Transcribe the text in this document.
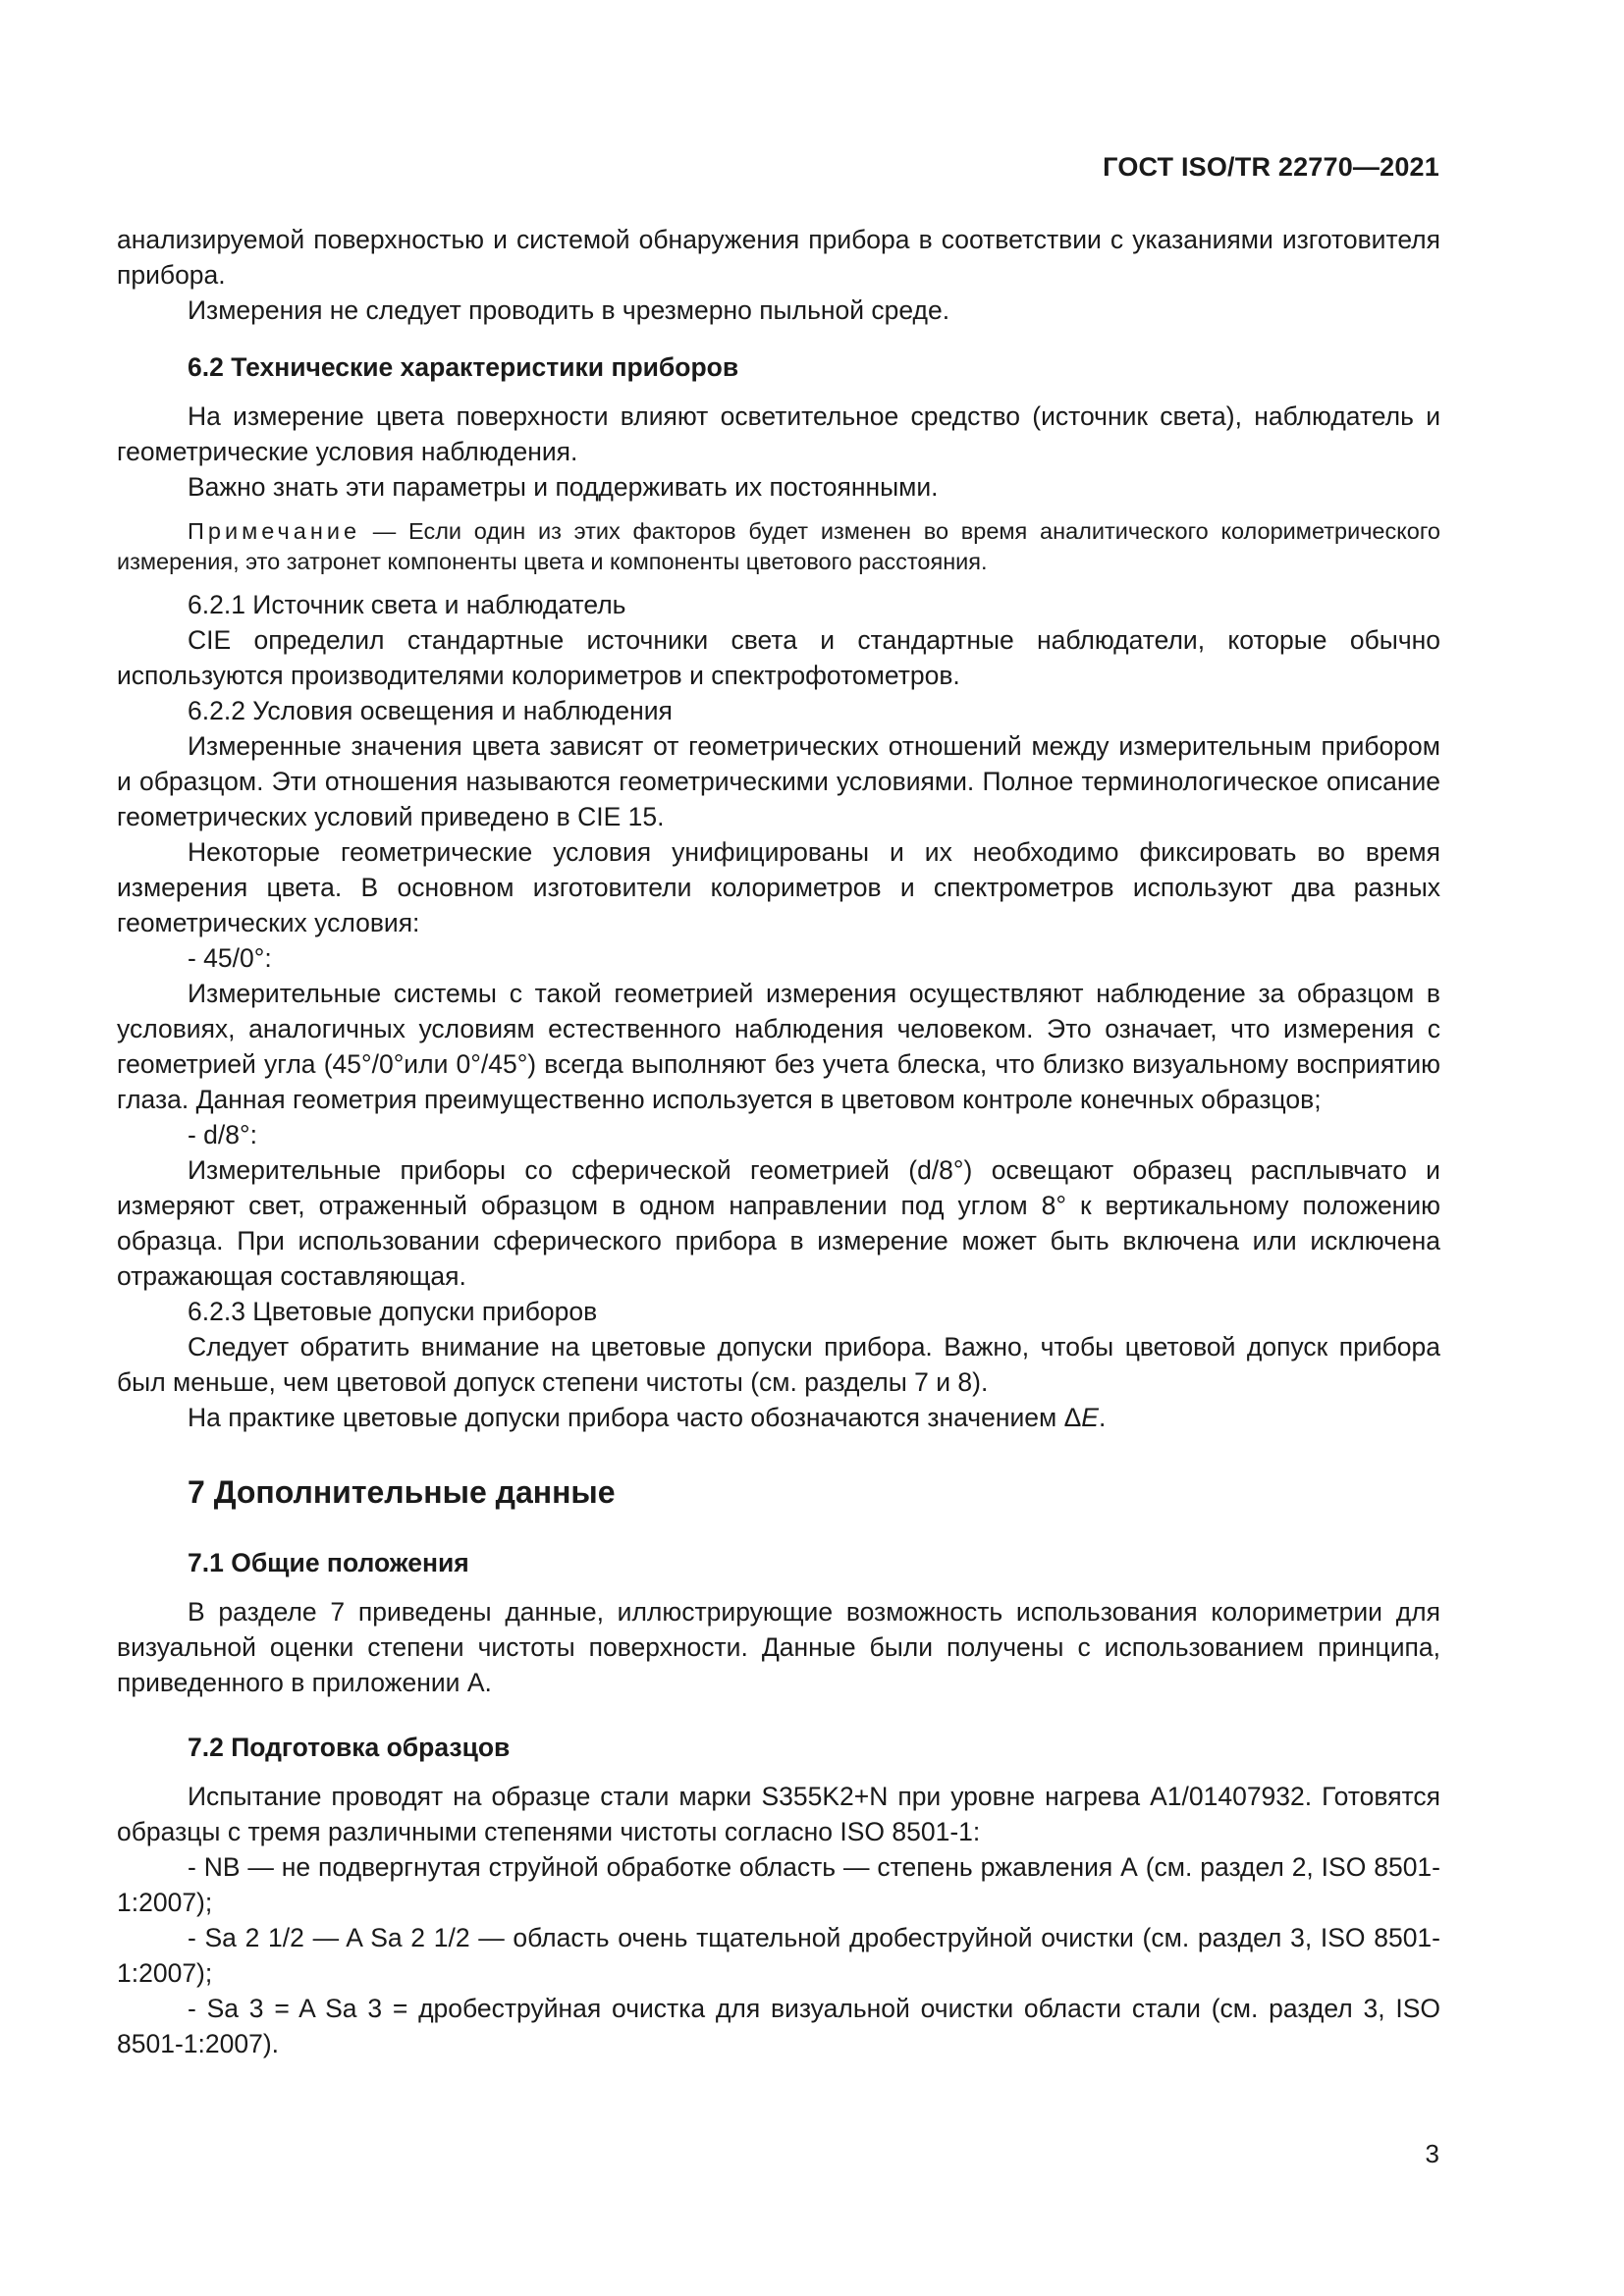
ГОСТ ISO/TR 22770—2021

анализируемой поверхностью и системой обнаружения прибора в соответствии с указаниями изготовителя прибора.

Измерения не следует проводить в чрезмерно пыльной среде.

6.2 Технические характеристики приборов

На измерение цвета поверхности влияют осветительное средство (источник света), наблюдатель и геометрические условия наблюдения.

Важно знать эти параметры и поддерживать их постоянными.

Примечание — Если один из этих факторов будет изменен во время аналитического колориметрического измерения, это затронет компоненты цвета и компоненты цветового расстояния.

6.2.1 Источник света и наблюдатель

CIE определил стандартные источники света и стандартные наблюдатели, которые обычно используются производителями колориметров и спектрофотометров.

6.2.2 Условия освещения и наблюдения

Измеренные значения цвета зависят от геометрических отношений между измерительным прибором и образцом. Эти отношения называются геометрическими условиями. Полное терминологическое описание геометрических условий приведено в CIE 15.

Некоторые геометрические условия унифицированы и их необходимо фиксировать во время измерения цвета. В основном изготовители колориметров и спектрометров используют два разных геометрических условия:

- 45/0°:

Измерительные системы с такой геометрией измерения осуществляют наблюдение за образцом в условиях, аналогичных условиям естественного наблюдения человеком. Это означает, что измерения с геометрией угла (45°/0°или 0°/45°) всегда выполняют без учета блеска, что близко визуальному восприятию глаза. Данная геометрия преимущественно используется в цветовом контроле конечных образцов;

- d/8°:

Измерительные приборы со сферической геометрией (d/8°) освещают образец расплывчато и измеряют свет, отраженный образцом в одном направлении под углом 8° к вертикальному положению образца. При использовании сферического прибора в измерение может быть включена или исключена отражающая составляющая.

6.2.3 Цветовые допуски приборов

Следует обратить внимание на цветовые допуски прибора. Важно, чтобы цветовой допуск прибора был меньше, чем цветовой допуск степени чистоты (см. разделы 7 и 8).

На практике цветовые допуски прибора часто обозначаются значением ΔE.

7 Дополнительные данные
7.1 Общие положения

В разделе 7 приведены данные, иллюстрирующие возможность использования колориметрии для визуальной оценки степени чистоты поверхности. Данные были получены с использованием принципа, приведенного в приложении А.

7.2 Подготовка образцов

Испытание проводят на образце стали марки S355K2+N при уровне нагрева A1/01407932. Готовятся образцы с тремя различными степенями чистоты согласно ISO 8501-1:

- NB — не подвергнутая струйной обработке область — степень ржавления А (см. раздел 2, ISO 8501-1:2007);

- Sa 2 1/2 — A Sa 2 1/2 — область очень тщательной дробеструйной очистки (см. раздел 3, ISO 8501-1:2007);

- Sa 3 = A Sa 3 = дробеструйная очистка для визуальной очистки области стали (см. раздел 3, ISO 8501-1:2007).

3
